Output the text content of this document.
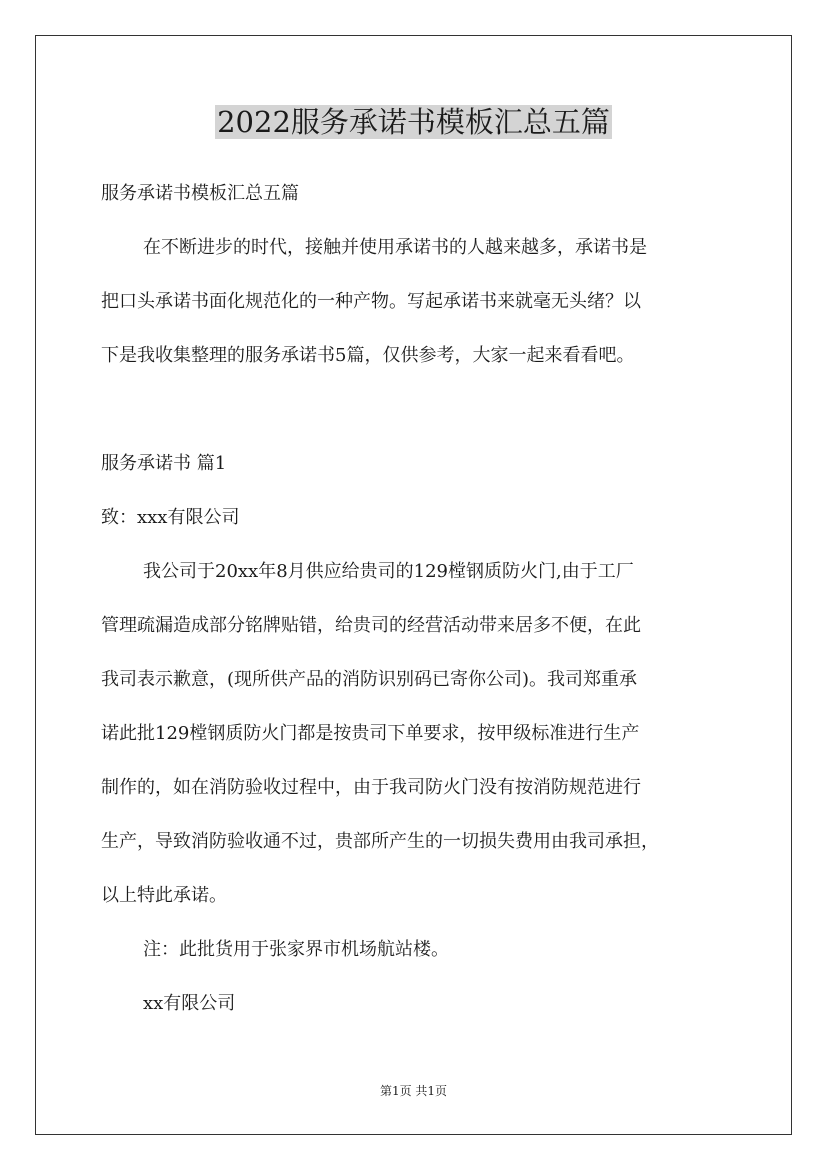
2022服务承诺书模板汇总五篇

服务承诺书模板汇总五篇

在不断进步的时代，接触并使用承诺书的人越来越多，承诺书是

把口头承诺书面化规范化的一种产物。写起承诺书来就毫无头绪？以

下是我收集整理的服务承诺书5篇，仅供参考，大家一起来看看吧。

服务承诺书 篇1

致：xxx有限公司

我公司于20xx年8月供应给贵司的129樘钢质防火门,由于工厂

管理疏漏造成部分铭牌贴错，给贵司的经营活动带来居多不便，在此

我司表示歉意，(现所供产品的消防识别码已寄你公司)。我司郑重承

诺此批129樘钢质防火门都是按贵司下单要求，按甲级标准进行生产

制作的，如在消防验收过程中，由于我司防火门没有按消防规范进行

生产，导致消防验收通不过，贵部所产生的一切损失费用由我司承担，

以上特此承诺。

注：此批货用于张家界市机场航站楼。

xx有限公司

第1页 共1页
